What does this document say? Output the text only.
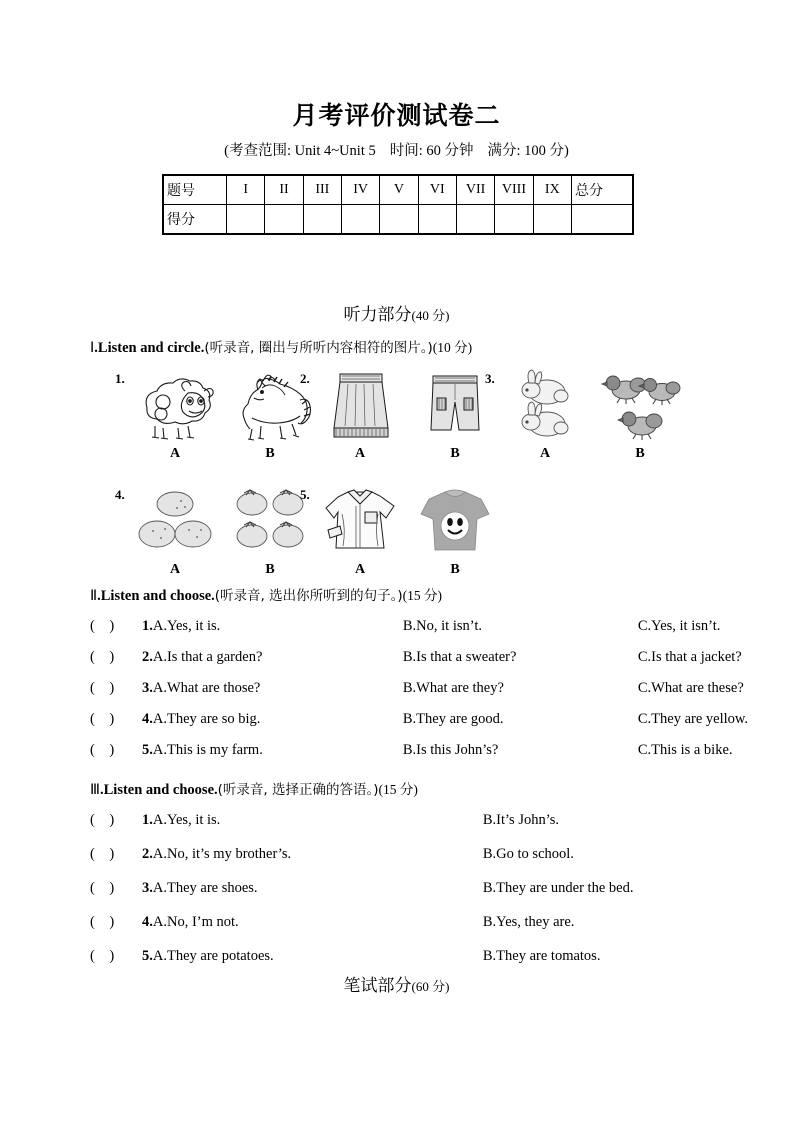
月考评价测试卷二
(考查范围: Unit 4~Unit 5 时间: 60 分钟 满分: 100 分)
题号	I	II	III	IV	V	VI	VII	VIII	IX	总分
得分										
听力部分(40 分)
Ⅰ.Listen and circle.(听录音, 圈出与所听内容相符的图片。)(10 分)
1.
A	B
2.
A	B
3.
A	B
4.
A	B
5.
A	B
Ⅱ.Listen and choose.(听录音, 选出你所听到的句子。)(15 分)
(    ) 1.A.Yes, it is.	B.No, it isn’t.	C.Yes, it isn’t.
(    ) 2.A.Is that a garden?	B.Is that a sweater?	C.Is that a jacket?
(    ) 3.A.What are those?	B.What are they?	C.What are these?
(    ) 4.A.They are so big.	B.They are good.	C.They are yellow.
(    ) 5.A.This is my farm.	B.Is this John’s?	C.This is a bike.
Ⅲ.Listen and choose.(听录音, 选择正确的答语。)(15 分)
(    ) 1.A.Yes, it is.	B.It’s John’s.
(    ) 2.A.No, it’s my brother’s.	B.Go to school.
(    ) 3.A.They are shoes.	B.They are under the bed.
(    ) 4.A.No, I’m not.	B.Yes, they are.
(    ) 5.A.They are potatoes.	B.They are tomatos.
笔试部分(60 分)
